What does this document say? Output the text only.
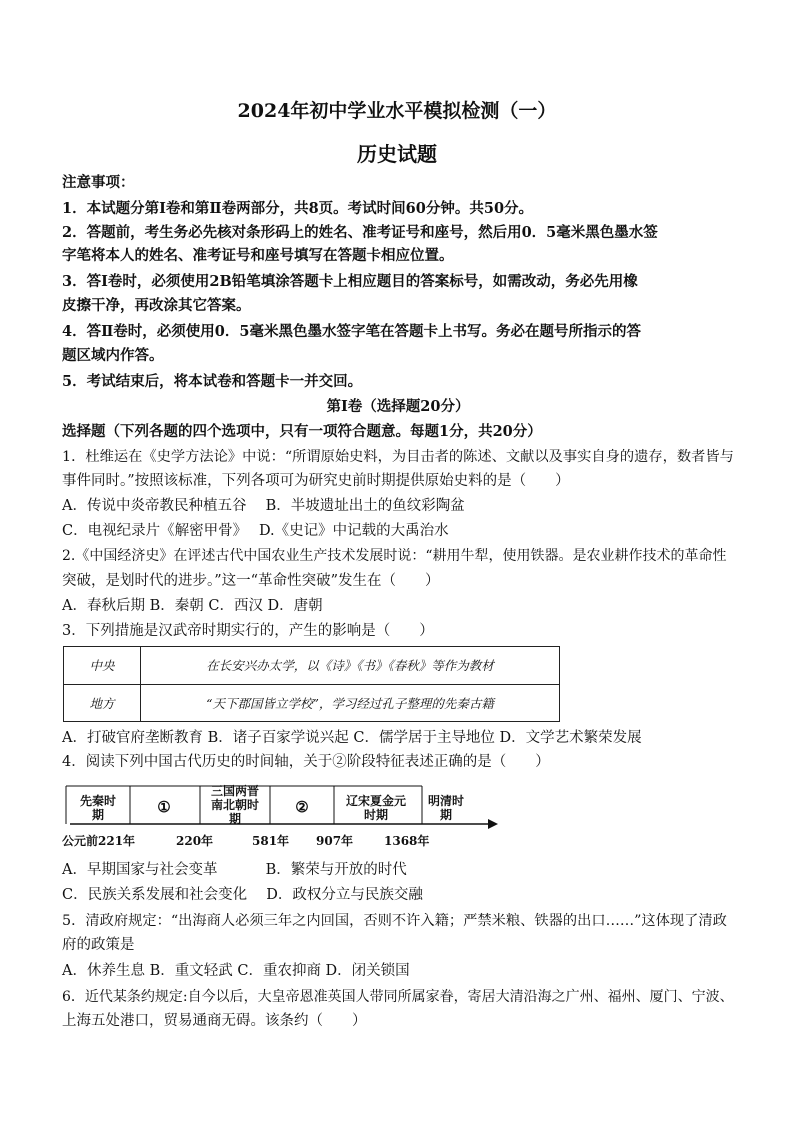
2024年初中学业水平模拟检测（一）
历史试题
注意事项：
1．本试题分第Ⅰ卷和第Ⅱ卷两部分，共8页。考试时间60分钟。共50分。
2．答题前，考生务必先核对条形码上的姓名、准考证号和座号，然后用0．5毫米黑色墨水签
字笔将本人的姓名、准考证号和座号填写在答题卡相应位置。
3．答Ⅰ卷时，必须使用2B铅笔填涂答题卡上相应题目的答案标号，如需改动，务必先用橡
皮擦干净，再改涂其它答案。
4．答Ⅱ卷时，必须使用0．5毫米黑色墨水签字笔在答题卡上书写。务必在题号所指示的答
题区域内作答。
5．考试结束后，将本试卷和答题卡一并交回。
第Ⅰ卷（选择题20分）
选择题（下列各题的四个选项中，只有一项符合题意。每题1分，共20分）
1．杜维运在《史学方法论》中说：“所谓原始史料，为目击者的陈述、文献以及事实自身的遗存，数者皆与
事件同时。”按照该标准，下列各项可为研究史前时期提供原始史料的是（　　）
A．传说中炎帝教民种植五谷　 B．半坡遗址出土的鱼纹彩陶盆
C．电视纪录片《解密甲骨》　 D.《史记》中记载的大禹治水
2.《中国经济史》在评述古代中国农业生产技术发展时说：“耕用牛犁，使用铁器。是农业耕作技术的革命性
突破，是划时代的进步。”这一“革命性突破”发生在（　　）
A．春秋后期 B．秦朝 C．西汉 D．唐朝
3．下列措施是汉武帝时期实行的，产生的影响是（　　）
中央	在长安兴办太学，以《诗》《书》《春秋》等作为教材
地方	“天下郡国皆立学校”，学习经过孔子整理的先秦古籍
A．打破官府垄断教育 B．诸子百家学说兴起 C．儒学居于主导地位 D．文学艺术繁荣发展
4．阅读下列中国古代历史的时间轴，关于②阶段特征表述正确的是（　　）
先秦时期	①
三国两晋南北朝时期
②	辽宋夏金元时期
明清时期
公元前221年	220年	581年 907年	1368年
A．早期国家与社会变革　　　 B．繁荣与开放的时代
C．民族关系发展和社会变化　 D．政权分立与民族交融
5．清政府规定：“出海商人必须三年之内回国，否则不许入籍；严禁米粮、铁器的出口……”这体现了清政
府的政策是
A．休养生息 B．重文轻武 C．重农抑商 D．闭关锁国
6．近代某条约规定:自今以后，大皇帝恩准英国人带同所属家眷，寄居大清沿海之广州、福州、厦门、宁波、
上海五处港口，贸易通商无碍。该条约（　　）
